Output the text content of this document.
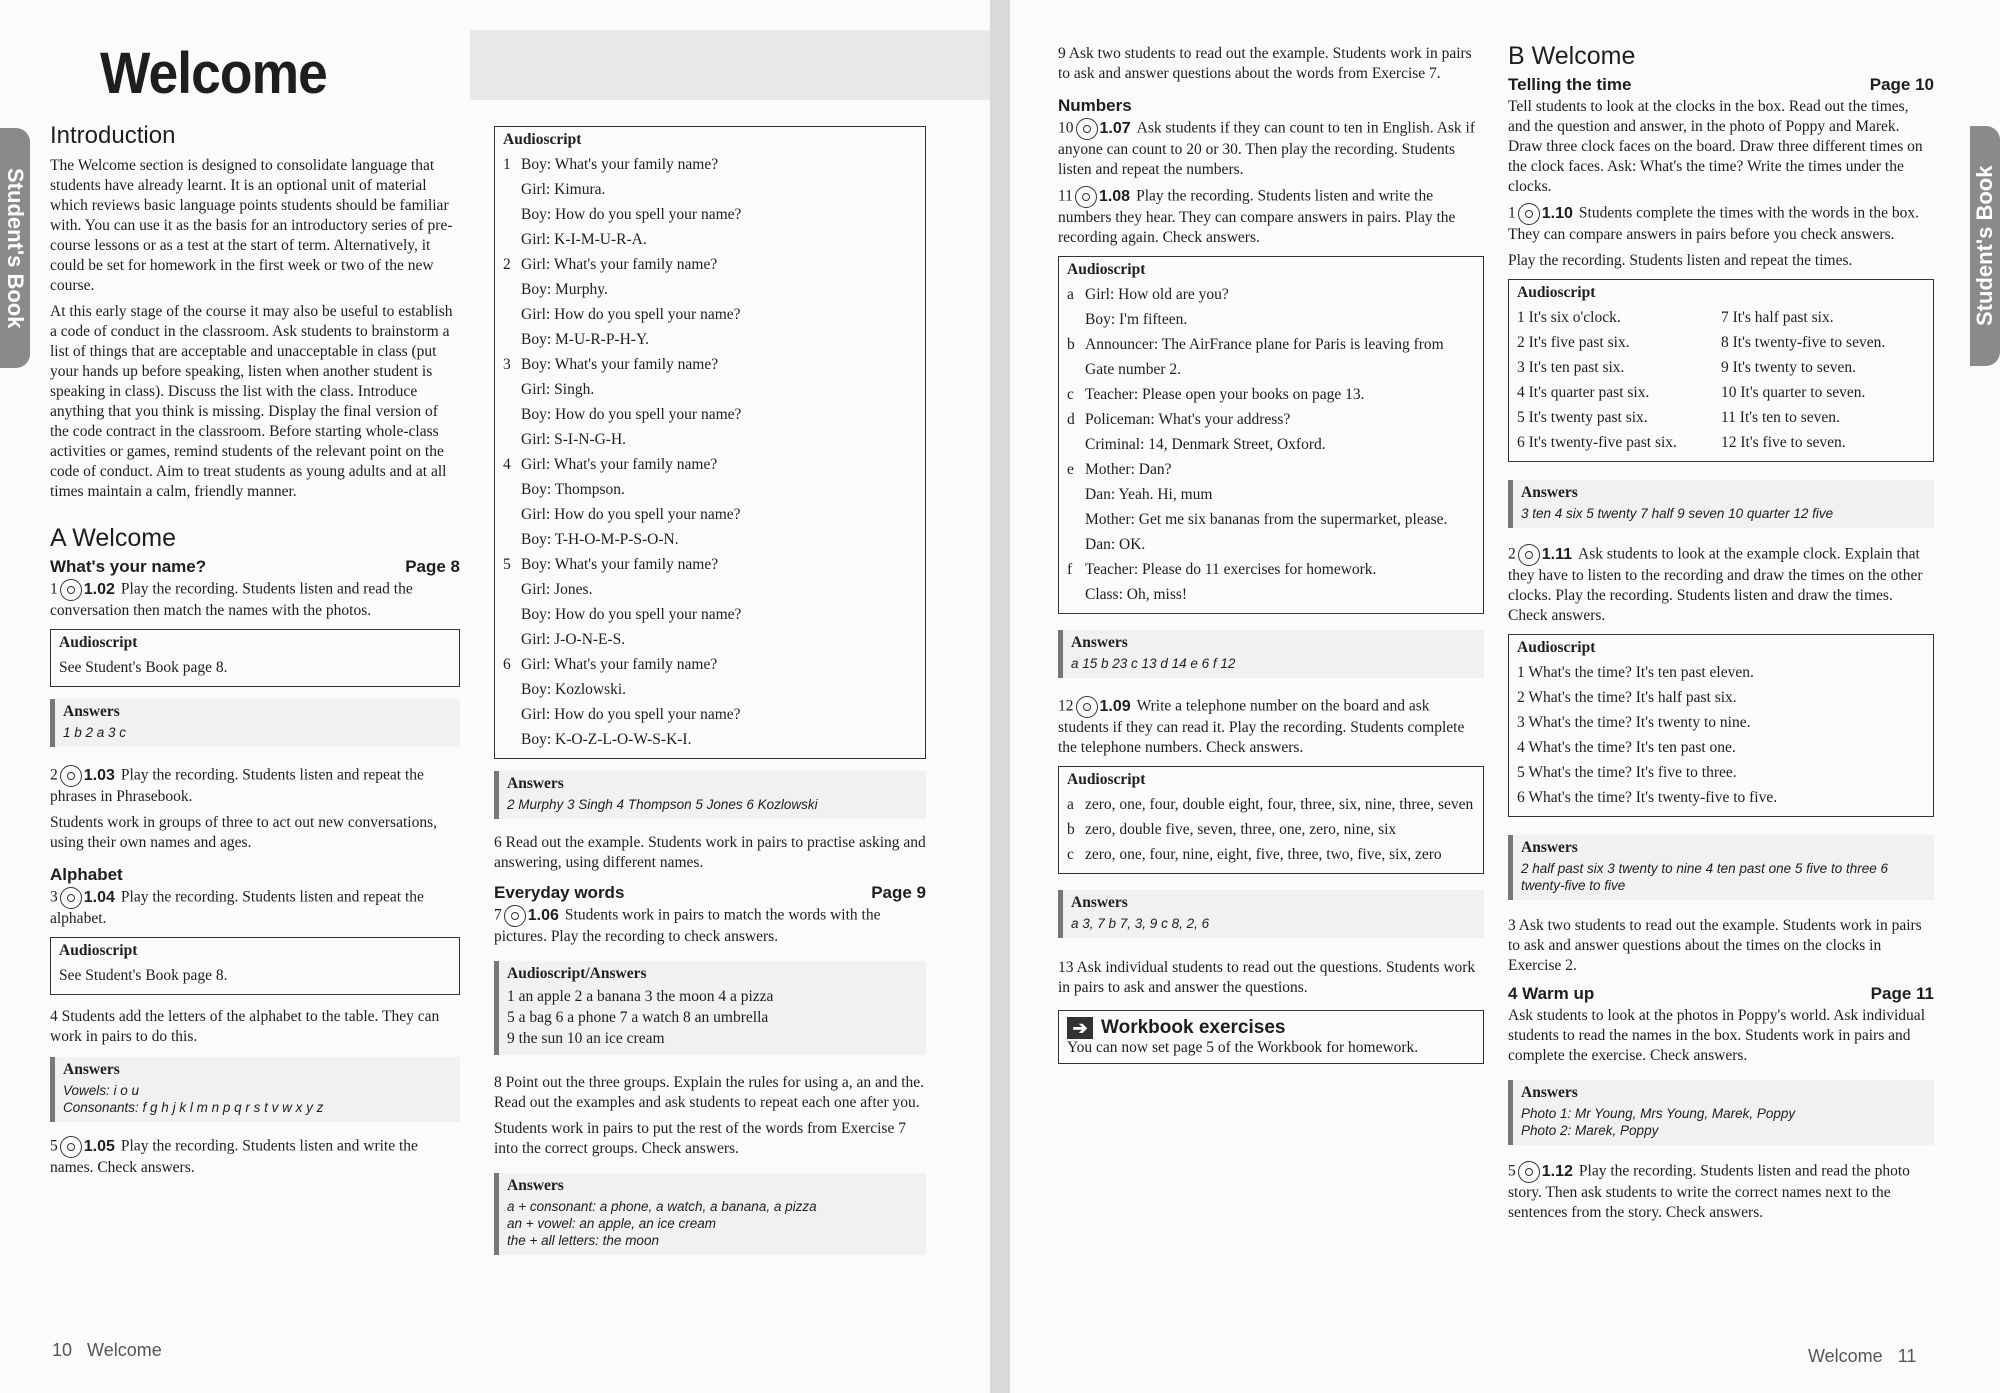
Welcome
Student's Book
Introduction

The Welcome section is designed to consolidate language that students have already learnt. It is an optional unit of material which reviews basic language points students should be familiar with. You can use it as the basis for an introductory series of pre-course lessons or as a test at the start of term. Alternatively, it could be set for homework in the first week or two of the new course.

At this early stage of the course it may also be useful to establish a code of conduct in the classroom. Ask students to brainstorm a list of things that are acceptable and unacceptable in class (put your hands up before speaking, listen when another student is speaking in class). Discuss the list with the class. Introduce anything that you think is missing. Display the final version of the code contract in the classroom. Before starting whole-class activities or games, remind students of the relevant point on the code of conduct. Aim to treat students as young adults and at all times maintain a calm, friendly manner.

A Welcome
What's your name?	Page 8
1 1.02 Play the recording. Students listen and read the conversation then match the names with the photos.
Audioscript
See Student's Book page 8.
Answers
1 b 2 a 3 c
2 1.03 Play the recording. Students listen and repeat the phrases in Phrasebook.

Students work in groups of three to act out new conversations, using their own names and ages.

Alphabet
3 1.04 Play the recording. Students listen and repeat the alphabet.
Audioscript
See Student's Book page 8.

4 Students add the letters of the alphabet to the table. They can work in pairs to do this.

Answers
Vowels: i o u
Consonants: f g h j k l m n p q r s t v w x y z
5 1.05 Play the recording. Students listen and write the names. Check answers.
Audioscript
1 Boy: What's your family name?
Girl: Kimura.
Boy: How do you spell your name?
Girl: K-I-M-U-R-A.
2 Girl: What's your family name?
Boy: Murphy.
Girl: How do you spell your name?
Boy: M-U-R-P-H-Y.
3 Boy: What's your family name?
Girl: Singh.
Boy: How do you spell your name?
Girl: S-I-N-G-H.
4 Girl: What's your family name?
Boy: Thompson.
Girl: How do you spell your name?
Boy: T-H-O-M-P-S-O-N.
5 Boy: What's your family name?
Girl: Jones.
Boy: How do you spell your name?
Girl: J-O-N-E-S.
6 Girl: What's your family name?
Boy: Kozlowski.
Girl: How do you spell your name?
Boy: K-O-Z-L-O-W-S-K-I.
Answers
2 Murphy 3 Singh 4 Thompson 5 Jones 6 Kozlowski

6 Read out the example. Students work in pairs to practise asking and answering, using different names.

Everyday words	Page 9
7 1.06 Students work in pairs to match the words with the pictures. Play the recording to check answers.
Audioscript/Answers
1 an apple 2 a banana 3 the moon 4 a pizza
5 a bag 6 a phone 7 a watch 8 an umbrella
9 the sun 10 an ice cream

8 Point out the three groups. Explain the rules for using a, an and the. Read out the examples and ask students to repeat each one after you.

Students work in pairs to put the rest of the words from Exercise 7 into the correct groups. Check answers.

Answers
a + consonant: a phone, a watch, a banana, a pizza
an + vowel: an apple, an ice cream
the + all letters: the moon
10 Welcome
Student's Book

9 Ask two students to read out the example. Students work in pairs to ask and answer questions about the words from Exercise 7.

Numbers
10 1.07 Ask students if they can count to ten in English. Ask if anyone can count to 20 or 30. Then play the recording. Students listen and repeat the numbers.
11 1.08 Play the recording. Students listen and write the numbers they hear. They can compare answers in pairs. Play the recording again. Check answers.
Audioscript
a Girl: How old are you?
Boy: I'm fifteen.
b Announcer: The AirFrance plane for Paris is leaving from Gate number 2.
c Teacher: Please open your books on page 13.
d Policeman: What's your address?
Criminal: 14, Denmark Street, Oxford.
e Mother: Dan?
Dan: Yeah. Hi, mum
Mother: Get me six bananas from the supermarket, please.
Dan: OK.
f Teacher: Please do 11 exercises for homework.
Class: Oh, miss!
Answers
a 15 b 23 c 13 d 14 e 6 f 12
12 1.09 Write a telephone number on the board and ask students if they can read it. Play the recording. Students complete the telephone numbers. Check answers.
Audioscript
a zero, one, four, double eight, four, three, six, nine, three, seven
b zero, double five, seven, three, one, zero, nine, six
c zero, one, four, nine, eight, five, three, two, five, six, zero
Answers
a 3, 7 b 7, 3, 9 c 8, 2, 6

13 Ask individual students to read out the questions. Students work in pairs to ask and answer the questions.

➔ Workbook exercises
You can now set page 5 of the Workbook for homework.
B Welcome
Telling the time	Page 10

Tell students to look at the clocks in the box. Read out the times, and the question and answer, in the photo of Poppy and Marek. Draw three clock faces on the board. Draw three different times on the clock faces. Ask: What's the time? Write the times under the clocks.

1 1.10 Students complete the times with the words in the box. They can compare answers in pairs before you check answers.

Play the recording. Students listen and repeat the times.

Audioscript
1 It's six o'clock.
2 It's five past six.
3 It's ten past six.
4 It's quarter past six.
5 It's twenty past six.
6 It's twenty-five past six.
7 It's half past six.
8 It's twenty-five to seven.
9 It's twenty to seven.
10 It's quarter to seven.
11 It's ten to seven.
12 It's five to seven.
Answers
3 ten 4 six 5 twenty 7 half 9 seven 10 quarter 12 five
2 1.11 Ask students to look at the example clock. Explain that they have to listen to the recording and draw the times on the other clocks. Play the recording. Students listen and draw the times. Check answers.
Audioscript
1 What's the time? It's ten past eleven.
2 What's the time? It's half past six.
3 What's the time? It's twenty to nine.
4 What's the time? It's ten past one.
5 What's the time? It's five to three.
6 What's the time? It's twenty-five to five.
Answers
2 half past six 3 twenty to nine 4 ten past one 5 five to three 6 twenty-five to five

3 Ask two students to read out the example. Students work in pairs to ask and answer questions about the times on the clocks in Exercise 2.

4 Warm up	Page 11

Ask students to look at the photos in Poppy's world. Ask individual students to read the names in the box. Students work in pairs and complete the exercise. Check answers.

Answers
Photo 1: Mr Young, Mrs Young, Marek, Poppy
Photo 2: Marek, Poppy
5 1.12 Play the recording. Students listen and read the photo story. Then ask students to write the correct names next to the sentences from the story. Check answers.
Welcome 11
